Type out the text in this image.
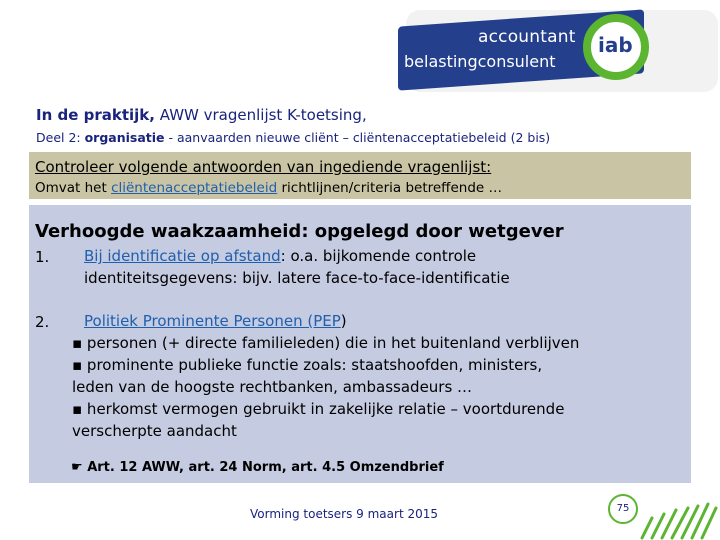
accountant
belastingconsulent
iab
In de praktijk, AWW vragenlijst K-toetsing,
Deel 2: organisatie - aanvaarden nieuwe cliënt – cliëntenacceptatiebeleid (2 bis)
Controleer volgende antwoorden van ingediende vragenlijst:
Omvat het cliëntenacceptatiebeleid richtlijnen/criteria betreffende …
Verhoogde waakzaamheid: opgelegd door wetgever
1. Bij identificatie op afstand: o.a. bijkomende controle
identiteitsgegevens: bijv. latere face-to-face-identificatie
2. Politiek Prominente Personen (PEP)
▪ personen (+ directe familieleden) die in het buitenland verblijven
▪ prominente publieke functie zoals: staatshoofden, ministers,
leden van de hoogste rechtbanken, ambassadeurs …
▪ herkomst vermogen gebruikt in zakelijke relatie – voortdurende
verscherpte aandacht
☛ Art. 12 AWW, art. 24 Norm, art. 4.5 Omzendbrief
Vorming toetsers 9 maart 2015	75
